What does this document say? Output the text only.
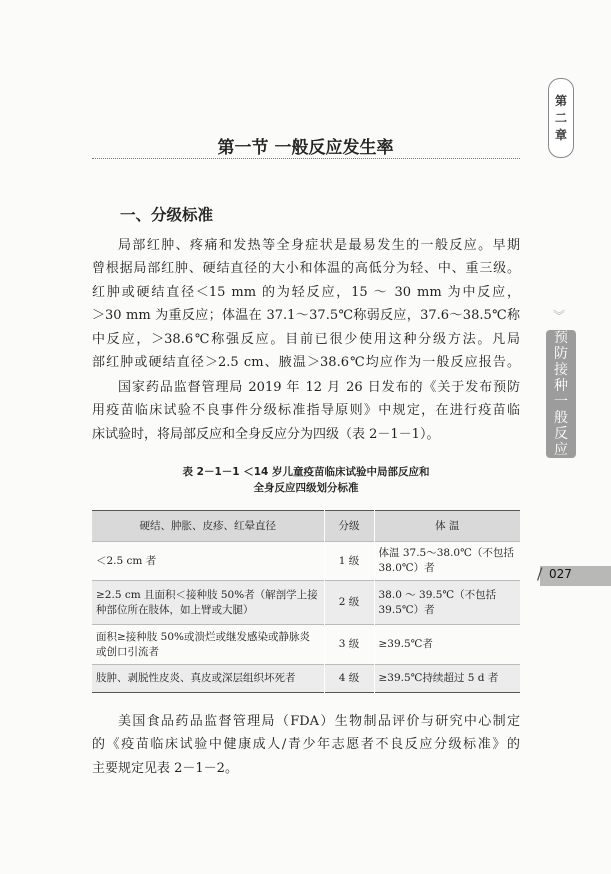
第
二
章
︾
预
防
接
种
一
般
反
应
/ 027
第一节 一般反应发生率
一、分级标准
局部红肿、疼痛和发热等全身症状是最易发生的一般反应。早期
曾根据局部红肿、硬结直径的大小和体温的高低分为轻、中、重三级。
红肿或硬结直径＜15 mm 的为轻反应，15 ～ 30 mm 为中反应，
＞30 mm 为重反应；体温在 37.1～37.5℃称弱反应，37.6～38.5℃称
中反应，＞38.6℃称强反应。目前已很少使用这种分级方法。凡局
部红肿或硬结直径＞2.5 cm、腋温＞38.6℃均应作为一般反应报告。
国家药品监督管理局 2019 年 12 月 26 日发布的《关于发布预防
用疫苗临床试验不良事件分级标准指导原则》中规定，在进行疫苗临
床试验时，将局部反应和全身反应分为四级（表 2－1－1）。
表 2－1－1 ＜14 岁儿童疫苗临床试验中局部反应和
全身反应四级划分标准
硬结、肿胀、皮疹、红晕直径	分级	体 温
＜2.5 cm 者	1 级	体温 37.5～38.0℃（不包括 38.0℃）者
≥2.5 cm 且面积＜接种肢 50%者（解剖学上接种部位所在肢体，如上臂或大腿）	2 级	38.0 ～ 39.5℃（不包括 39.5℃）者
面积≥接种肢 50%或溃烂或继发感染或静脉炎或创口引流者	3 级	≥39.5℃者
肢肿、剥脱性皮炎、真皮或深层组织坏死者	4 级	≥39.5℃持续超过 5 d 者
美国食品药品监督管理局（FDA）生物制品评价与研究中心制定
的《疫苗临床试验中健康成人/青少年志愿者不良反应分级标准》的
主要规定见表 2－1－2。
